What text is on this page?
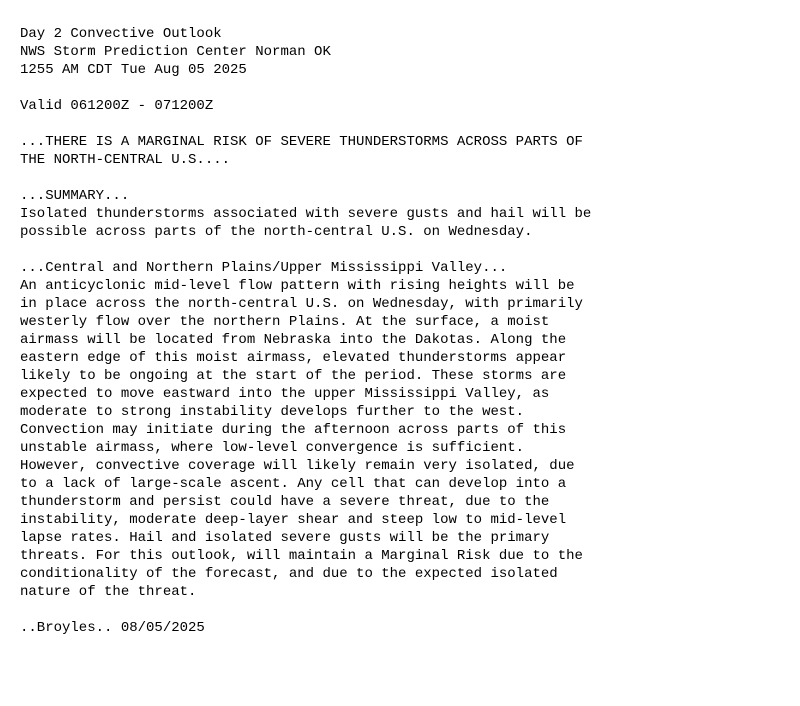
Day 2 Convective Outlook
NWS Storm Prediction Center Norman OK
1255 AM CDT Tue Aug 05 2025
Valid 061200Z - 071200Z
...THERE IS A MARGINAL RISK OF SEVERE THUNDERSTORMS ACROSS PARTS OF
THE NORTH-CENTRAL U.S....
...SUMMARY...
Isolated thunderstorms associated with severe gusts and hail will be
possible across parts of the north-central U.S. on Wednesday.
...Central and Northern Plains/Upper Mississippi Valley...
An anticyclonic mid-level flow pattern with rising heights will be
in place across the north-central U.S. on Wednesday, with primarily
westerly flow over the northern Plains. At the surface, a moist
airmass will be located from Nebraska into the Dakotas. Along the
eastern edge of this moist airmass, elevated thunderstorms appear
likely to be ongoing at the start of the period. These storms are
expected to move eastward into the upper Mississippi Valley, as
moderate to strong instability develops further to the west.
Convection may initiate during the afternoon across parts of this
unstable airmass, where low-level convergence is sufficient.
However, convective coverage will likely remain very isolated, due
to a lack of large-scale ascent. Any cell that can develop into a
thunderstorm and persist could have a severe threat, due to the
instability, moderate deep-layer shear and steep low to mid-level
lapse rates. Hail and isolated severe gusts will be the primary
threats. For this outlook, will maintain a Marginal Risk due to the
conditionality of the forecast, and due to the expected isolated
nature of the threat.
..Broyles.. 08/05/2025
